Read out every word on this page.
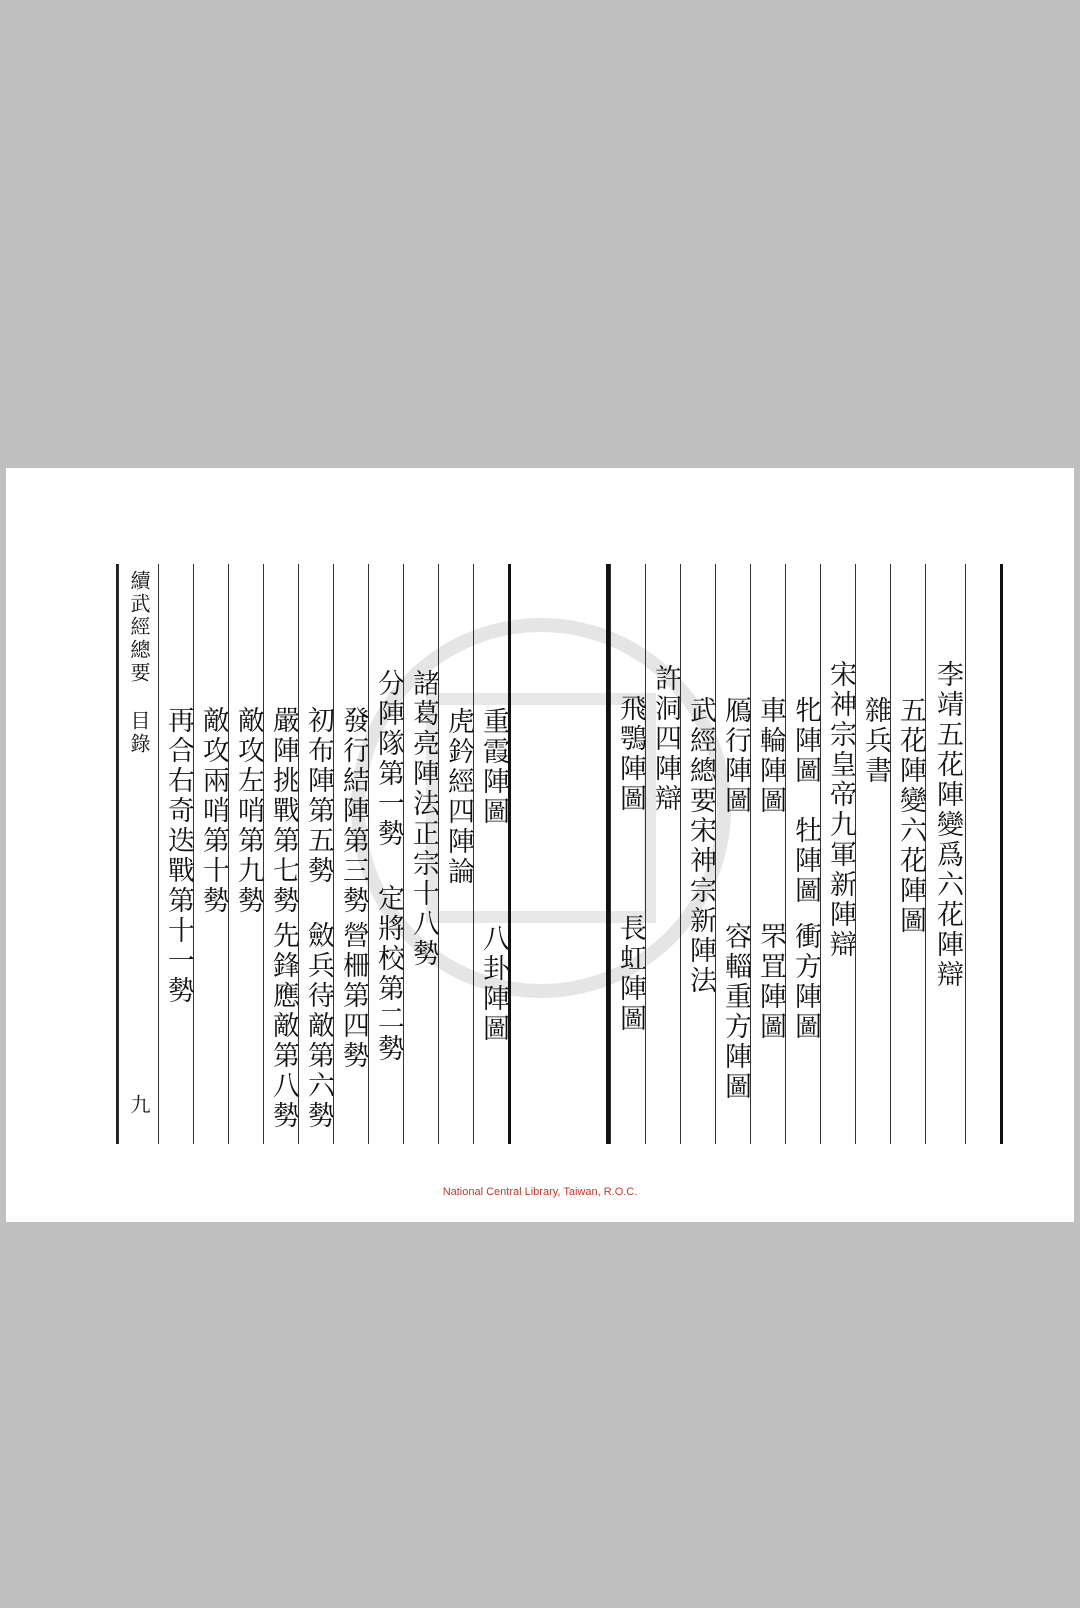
續武經總要
目錄
九
再合右奇迭戰第十一勢 敵攻兩哨第十勢 敵攻左哨第九勢 嚴陣挑戰第七勢
先鋒應敵第八勢
初布陣第五勢
斂兵待敵第六勢
發行結陣第三勢
營柵第四勢
分陣隊第一勢
定將校第二勢
諸葛亮陣法正宗十八勢 虎鈐經四陣論 重霞陣圖
八卦陣圖
飛鶚陣圖
長虹陣圖
許洞四陣辯 武經總要宋神宗新陣法 鴈行陣圖
容輜重方陣圖
車輪陣圖
罘罝陣圖
牝陣圖　牡陣圖
衝方陣圖
宋神宗皇帝九軍新陣辯 雜兵書 五花陣變六花陣圖 李靖五花陣變爲六花陣辯
National Central Library, Taiwan, R.O.C.
